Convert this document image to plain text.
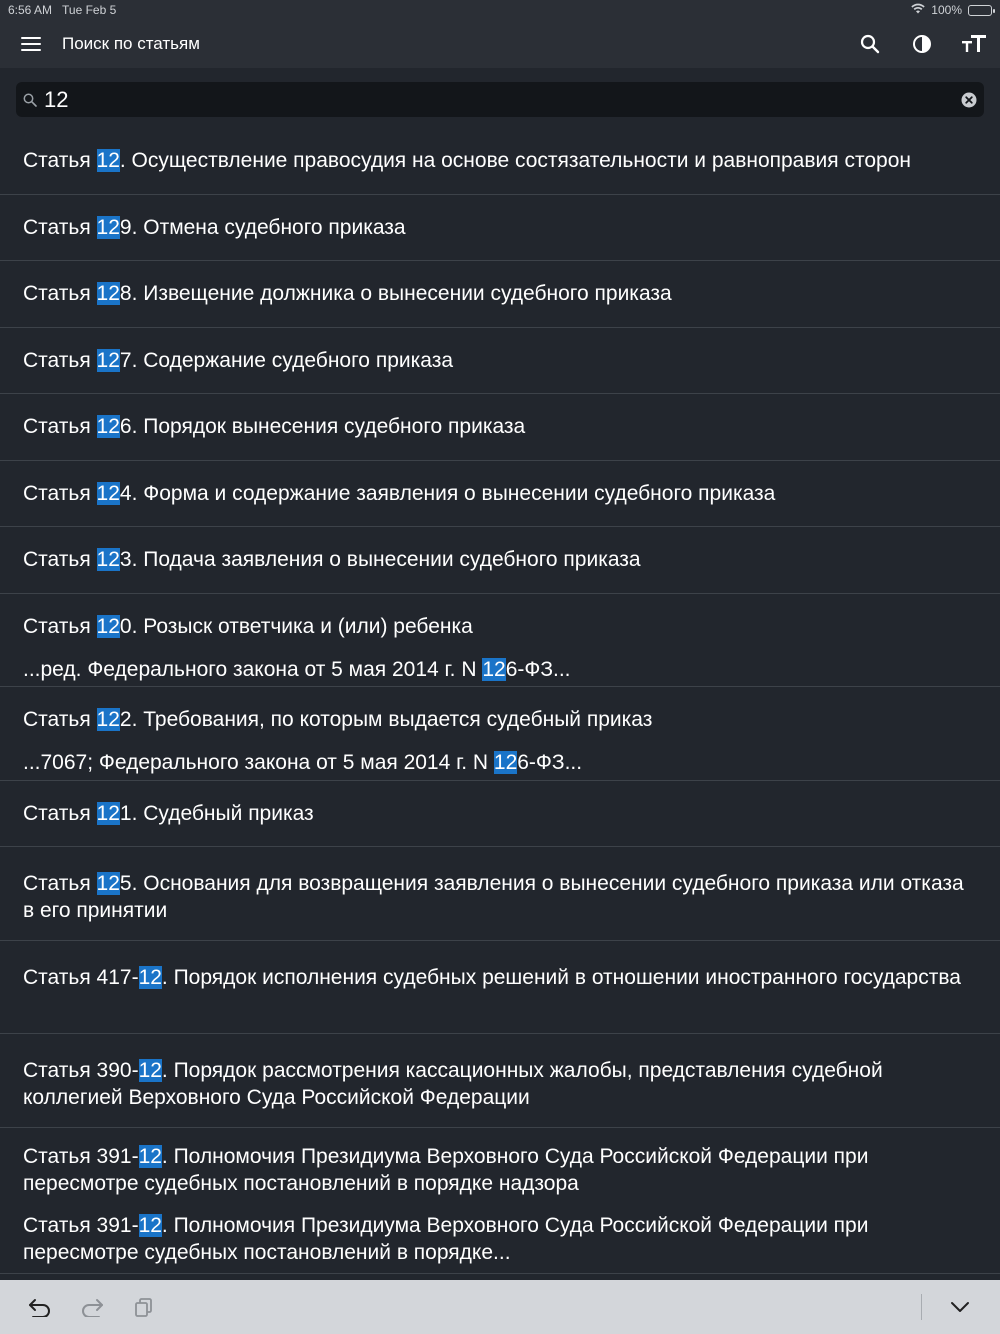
6:56 AM Tue Feb 5	100%
Поиск по статьям
12
Статья 12. Осуществление правосудия на основе состязательности и равноправия сторон
Статья 129. Отмена судебного приказа
Статья 128. Извещение должника о вынесении судебного приказа
Статья 127. Содержание судебного приказа
Статья 126. Порядок вынесения судебного приказа
Статья 124. Форма и содержание заявления о вынесении судебного приказа
Статья 123. Подача заявления о вынесении судебного приказа
Статья 120. Розыск ответчика и (или) ребенка
...ред. Федерального закона от 5 мая 2014 г. N 126-ФЗ...
Статья 122. Требования, по которым выдается судебный приказ
...7067; Федерального закона от 5 мая 2014 г. N 126-ФЗ...
Статья 121. Судебный приказ
Статья 125. Основания для возвращения заявления о вынесении судебного приказа или отказа в его принятии
Статья 417-12. Порядок исполнения судебных решений в отношении иностранного государства
Статья 390-12. Порядок рассмотрения кассационных жалобы, представления судебной коллегией Верховного Суда Российской Федерации
Статья 391-12. Полномочия Президиума Верховного Суда Российской Федерации при пересмотре судебных постановлений в порядке надзора
Статья 391-12. Полномочия Президиума Верховного Суда Российской Федерации при пересмотре судебных постановлений в порядке...
